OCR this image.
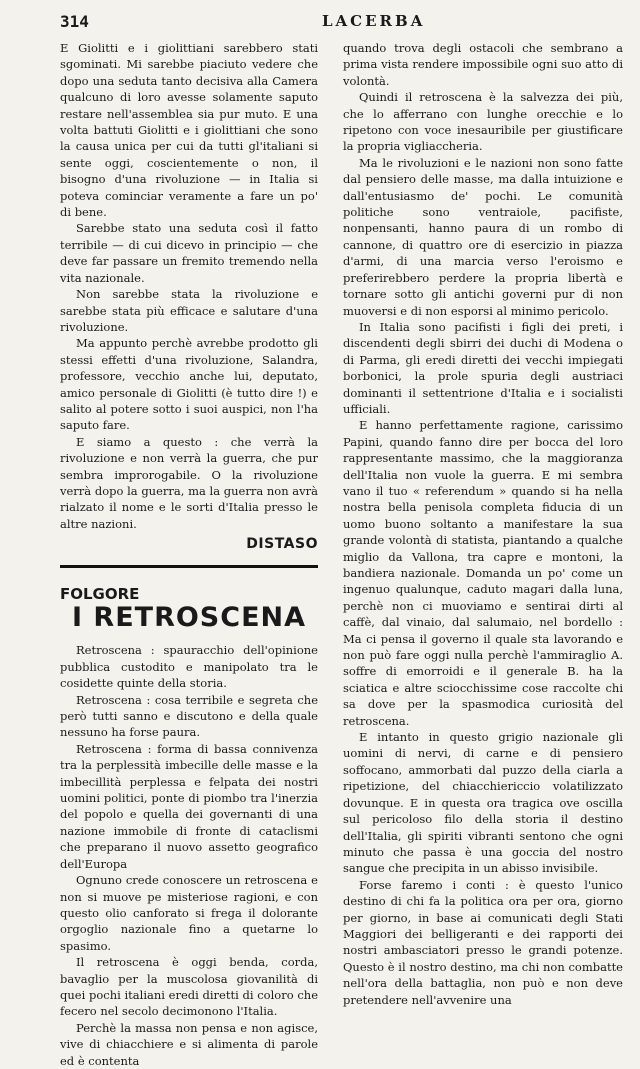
314	LACERBA

E Giolitti e i giolittiani sarebbero stati sgominati. Mi sarebbe piaciuto vedere che dopo una seduta tanto decisiva alla Camera qualcuno di loro avesse solamente saputo restare nell'assemblea sia pur muto. E una volta battuti Giolitti e i giolittiani che sono la causa unica per cui da tutti gl'italiani si sente oggi, coscientemente o non, il bisogno d'una rivoluzione — in Italia si poteva cominciar veramente a fare un po' di bene.

Sarebbe stato una seduta così il fatto terribile — di cui dicevo in principio — che deve far passare un fremito tremendo nella vita nazionale.

Non sarebbe stata la rivoluzione e sarebbe stata più efficace e salutare d'una rivoluzione.

Ma appunto perchè avrebbe prodotto gli stessi effetti d'una rivoluzione, Salandra, professore, vecchio anche lui, deputato, amico personale di Giolitti (è tutto dire !) e salito al potere sotto i suoi auspici, non l'ha saputo fare.

E siamo a questo : che verrà la rivoluzione e non verrà la guerra, che pur sembra improrogabile. O la rivoluzione verrà dopo la guerra, ma la guerra non avrà rialzato il nome e le sorti d'Italia presso le altre nazioni.

DISTASO
FOLGORE
I RETROSCENA

Retroscena : spauracchio dell'opinione pubblica custodito e manipolato tra le cosidette quinte della storia.

Retroscena : cosa terribile e segreta che però tutti sanno e discutono e della quale nessuno ha forse paura.

Retroscena : forma di bassa connivenza tra la perplessità imbecille delle masse e la imbecillità perplessa e felpata dei nostri uomini politici, ponte di piombo tra l'inerzia del popolo e quella dei governanti di una nazione immobile di fronte di cataclismi che preparano il nuovo assetto geografico dell'Europa

Ognuno crede conoscere un retroscena e non si muove pe misteriose ragioni, e con questo olio canforato si frega il dolorante orgoglio nazionale fino a quetarne lo spasimo.

Il retroscena è oggi benda, corda, bavaglio per la muscolosa giovanilità di quei pochi italiani eredi diretti di coloro che fecero nel secolo decimonono l'Italia.

Perchè la massa non pensa e non agisce, vive di chiacchiere e si alimenta di parole ed è contenta

quando trova degli ostacoli che sembrano a prima vista rendere impossibile ogni suo atto di volontà.

Quindi il retroscena è la salvezza dei più, che lo afferrano con lunghe orecchie e lo ripetono con voce inesauribile per giustificare la propria vigliaccheria.

Ma le rivoluzioni e le nazioni non sono fatte dal pensiero delle masse, ma dalla intuizione e dall'entusiasmo de' pochi. Le comunità politiche sono ventraiole, pacifiste, nonpensanti, hanno paura di un rombo di cannone, di quattro ore di esercizio in piazza d'armi, di una marcia verso l'eroismo e preferirebbero perdere la propria libertà e tornare sotto gli antichi governi pur di non muoversi e di non esporsi al minimo pericolo.

In Italia sono pacifisti i figli dei preti, i discendenti degli sbirri dei duchi di Modena o di Parma, gli eredi diretti dei vecchi impiegati borbonici, la prole spuria degli austriaci dominanti il settentrione d'Italia e i socialisti ufficiali.

E hanno perfettamente ragione, carissimo Papini, quando fanno dire per bocca del loro rappresentante massimo, che la maggioranza dell'Italia non vuole la guerra. E mi sembra vano il tuo « referendum » quando si ha nella nostra bella penisola completa fiducia di un uomo buono soltanto a manifestare la sua grande volontà di statista, piantando a qualche miglio da Vallona, tra capre e montoni, la bandiera nazionale. Domanda un po' come un ingenuo qualunque, caduto magari dalla luna, perchè non ci muoviamo e sentirai dirti al caffè, dal vinaio, dal salumaio, nel bordello : Ma ci pensa il governo il quale sta lavorando e non può fare oggi nulla perchè l'ammiraglio A. soffre di emorroidi e il generale B. ha la sciatica e altre sciocchissime cose raccolte chi sa dove per la spasmodica curiosità del retroscena.

E intanto in questo grigio nazionale gli uomini di nervi, di carne e di pensiero soffocano, ammorbati dal puzzo della ciarla a ripetizione, del chiacchiericcio volatilizzato dovunque. E in questa ora tragica ove oscilla sul pericoloso filo della storia il destino dell'Italia, gli spiriti vibranti sentono che ogni minuto che passa è una goccia del nostro sangue che precipita in un abisso invisibile.

Forse faremo i conti : è questo l'unico destino di chi fa la politica ora per ora, giorno per giorno, in base ai comunicati degli Stati Maggiori dei belligeranti e dei rapporti dei nostri ambasciatori presso le grandi potenze. Questo è il nostro destino, ma chi non combatte nell'ora della battaglia, non può e non deve pretendere nell'avvenire una
